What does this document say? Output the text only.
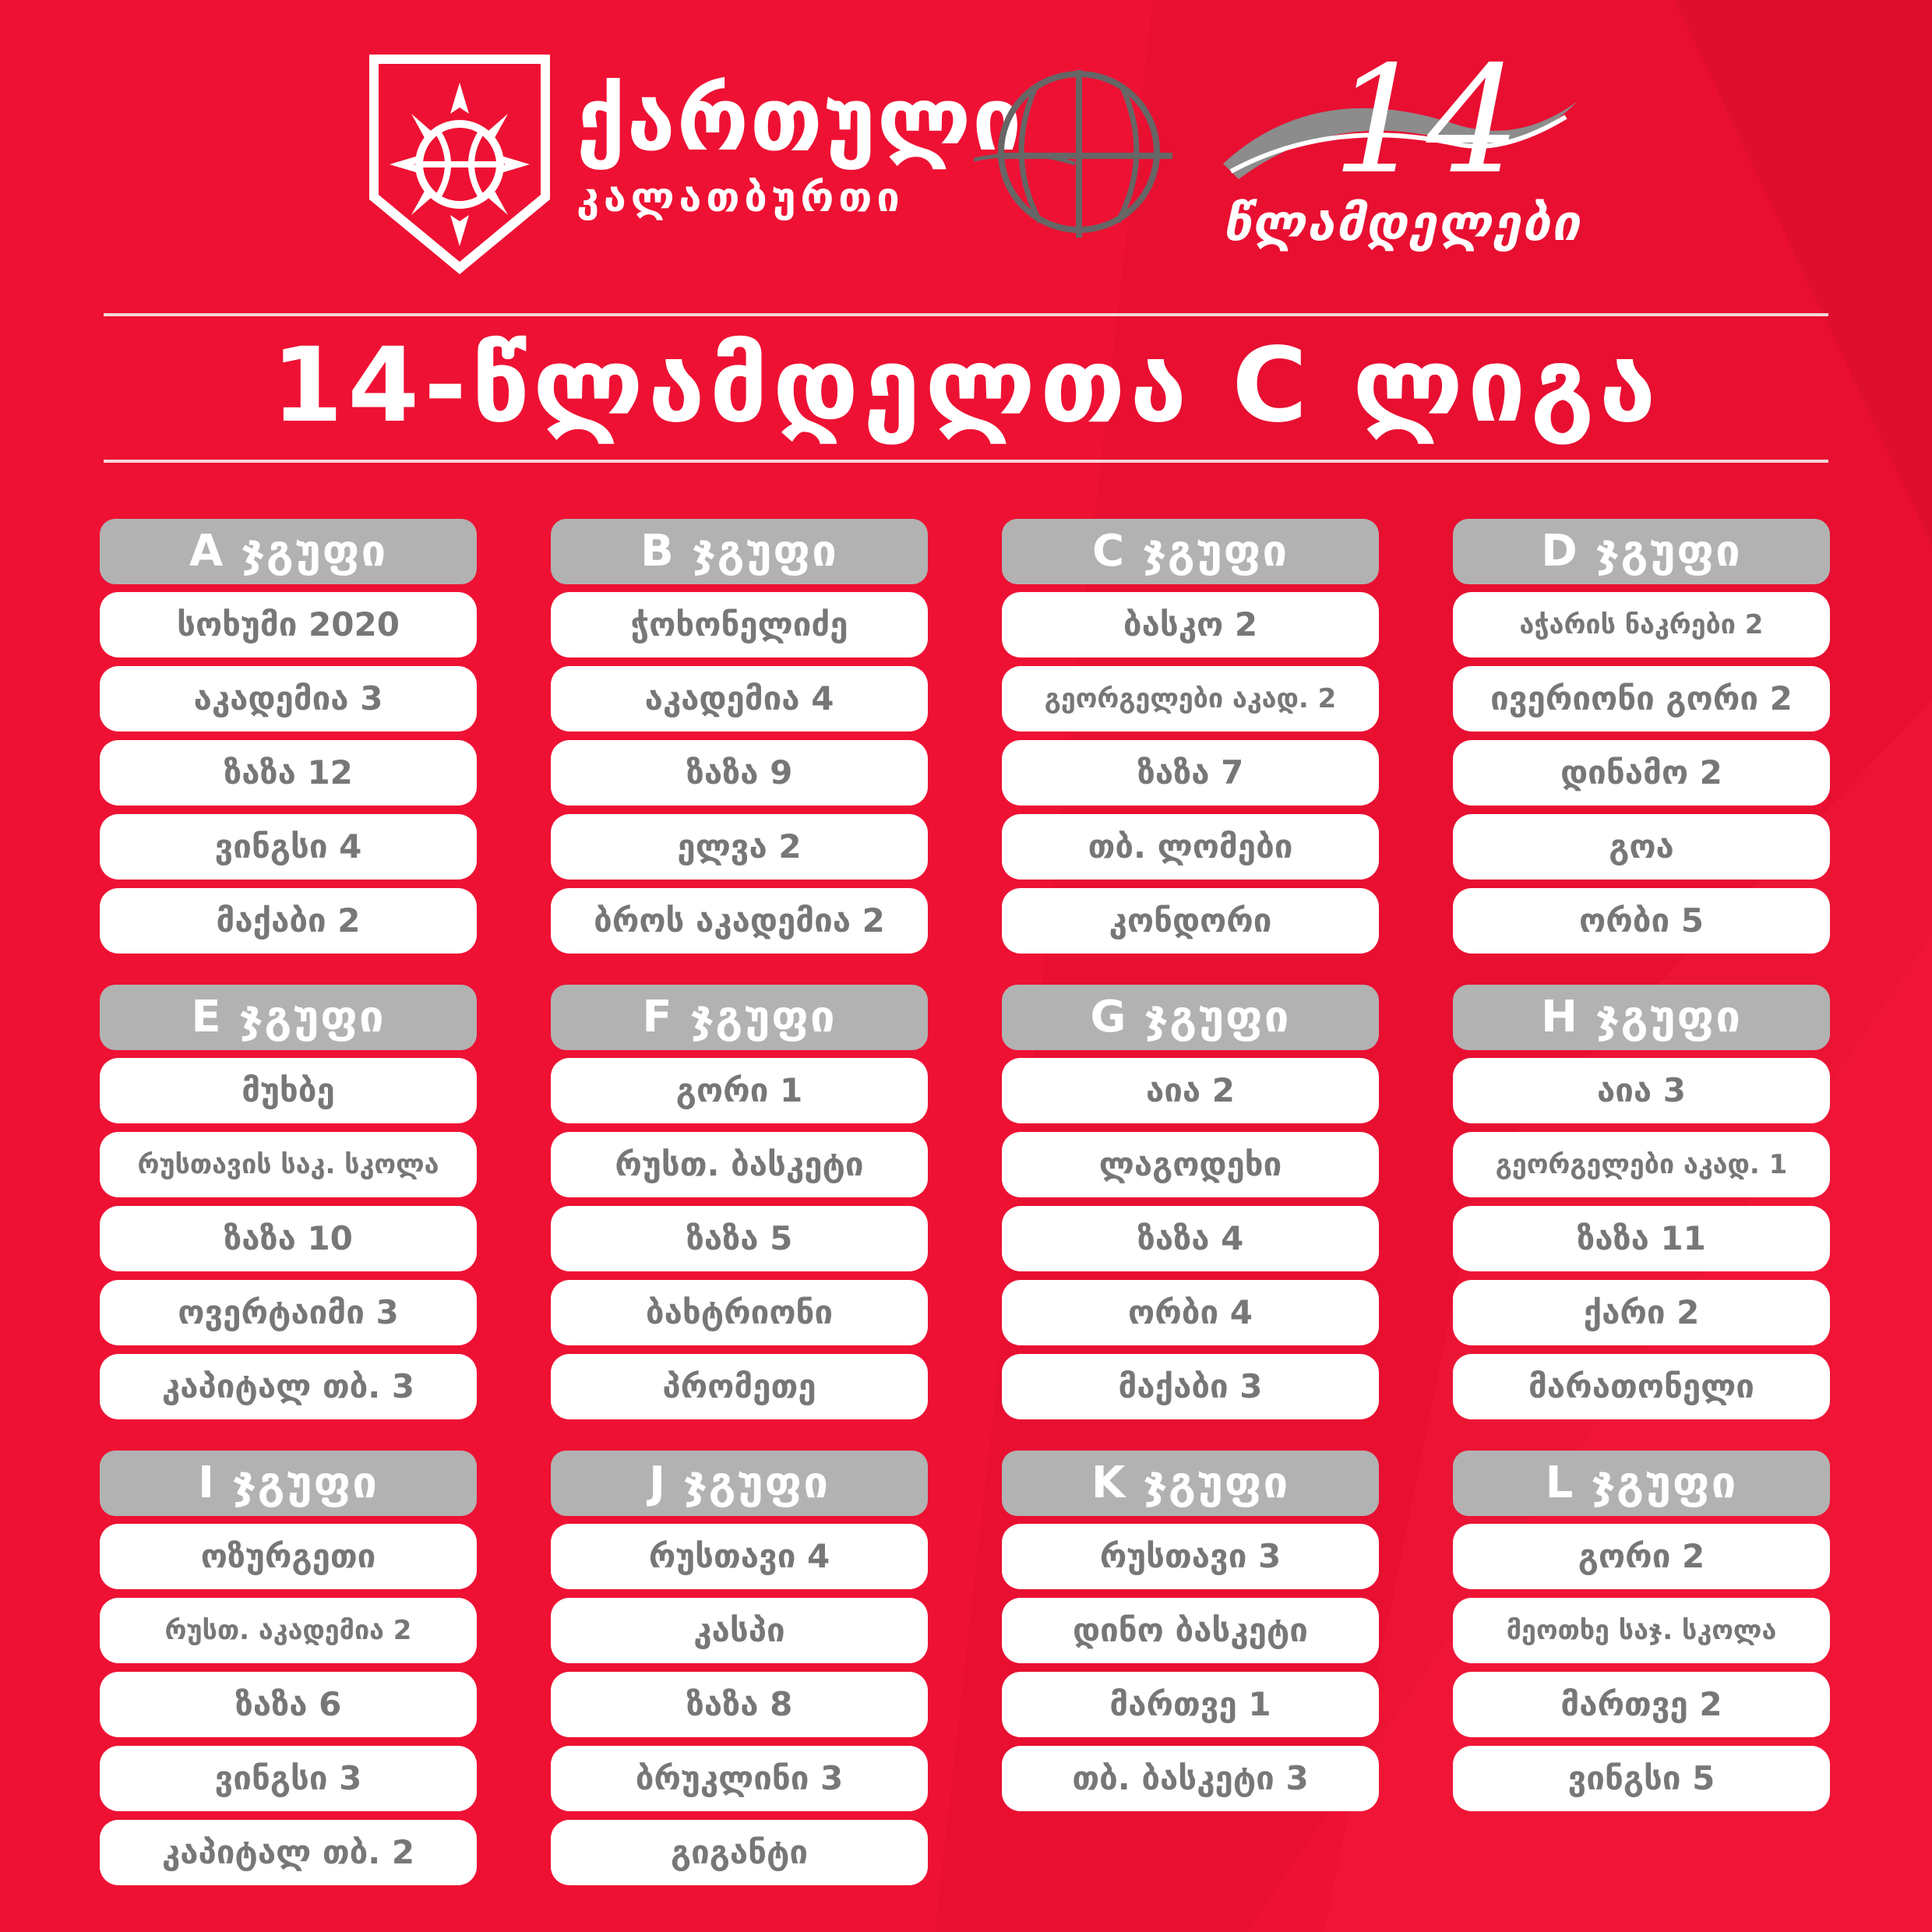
ქართული
კალათბურთი	14
წლამდელები
14-წლამდელთა C ლიგა
A ჯგუფი
სოხუმი 2020
აკადემია 3
ზაზა 12
ვინგსი 4
მაქაბი 2
B ჯგუფი
ჭოხონელიძე
აკადემია 4
ზაზა 9
ელვა 2
ბროს აკადემია 2
C ჯგუფი
ბასკო 2
გეორგელები აკად. 2
ზაზა 7
თბ. ლომები
კონდორი
D ჯგუფი
აჭარის ნაკრები 2
ივერიონი გორი 2
დინამო 2
გოა
ორბი 5
E ჯგუფი
მუხბე
რუსთავის საკ. სკოლა
ზაზა 10
ოვერტაიმი 3
კაპიტალ თბ. 3
F ჯგუფი
გორი 1
რუსთ. ბასკეტი
ზაზა 5
ბახტრიონი
პრომეთე
G ჯგუფი
აია 2
ლაგოდეხი
ზაზა 4
ორბი 4
მაქაბი 3
H ჯგუფი
აია 3
გეორგელები აკად. 1
ზაზა 11
ქარი 2
მარათონელი
I ჯგუფი
ოზურგეთი
რუსთ. აკადემია 2
ზაზა 6
ვინგსი 3
კაპიტალ თბ. 2
J ჯგუფი
რუსთავი 4
კასპი
ზაზა 8
ბრუკლინი 3
გიგანტი
K ჯგუფი
რუსთავი 3
დინო ბასკეტი
მართვე 1
თბ. ბასკეტი 3
L ჯგუფი
გორი 2
მეოთხე საჯ. სკოლა
მართვე 2
ვინგსი 5
